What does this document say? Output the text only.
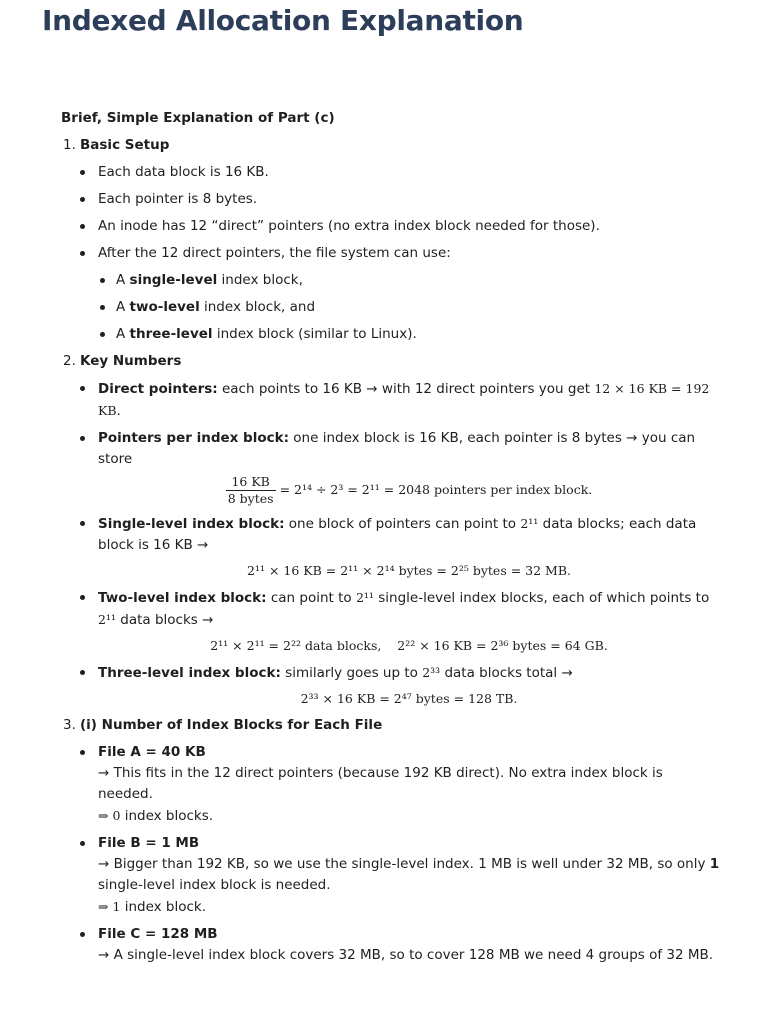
Indexed Allocation Explanation
Brief, Simple Explanation of Part (c)
1. Basic Setup
Each data block is 16 KB.
Each pointer is 8 bytes.
An inode has 12 “direct” pointers (no extra index block needed for those).
After the 12 direct pointers, the file system can use:
A single-level index block,
A two-level index block, and
A three-level index block (similar to Linux).
2. Key Numbers
Direct pointers: each points to 16 KB → with 12 direct pointers you get 12 × 16 KB = 192 KB.
Pointers per index block: one index block is 16 KB, each pointer is 8 bytes → you can store
$\frac{16 KB}{\text{8 bytes}} = 2^{14} \div 2^3 = 2^{11} = 2048$ pointers per index block.
Single-level index block: one block of pointers can point to 2¹¹ data blocks; each data block is 16 KB →
2¹¹ × 16 KB = 2¹¹ × 2¹⁴ bytes = 2²⁵ bytes = 32 MB.
Two-level index block: can point to 2¹¹ single-level index blocks, each of which points to 2¹¹ data blocks →
2¹¹ × 2¹¹ = 2²² data blocks,    2²² × 16 KB = 2³⁶ bytes = 64 GB.
Three-level index block: similarly goes up to 2³³ data blocks total →
2³³ × 16 KB = 2⁴⁷ bytes = 128 TB.
3. (i) Number of Index Blocks for Each File
File A = 40 KB
→ This fits in the 12 direct pointers (because 192 KB direct). No extra index block is needed.
⇒ 0 index blocks.
File B = 1 MB
→ Bigger than 192 KB, so we use the single-level index. 1 MB is well under 32 MB, so only 1 single-level index block is needed.
⇒ 1 index block.
File C = 128 MB
→ A single-level index block covers 32 MB, so to cover 128 MB we need 4 groups of 32 MB.
